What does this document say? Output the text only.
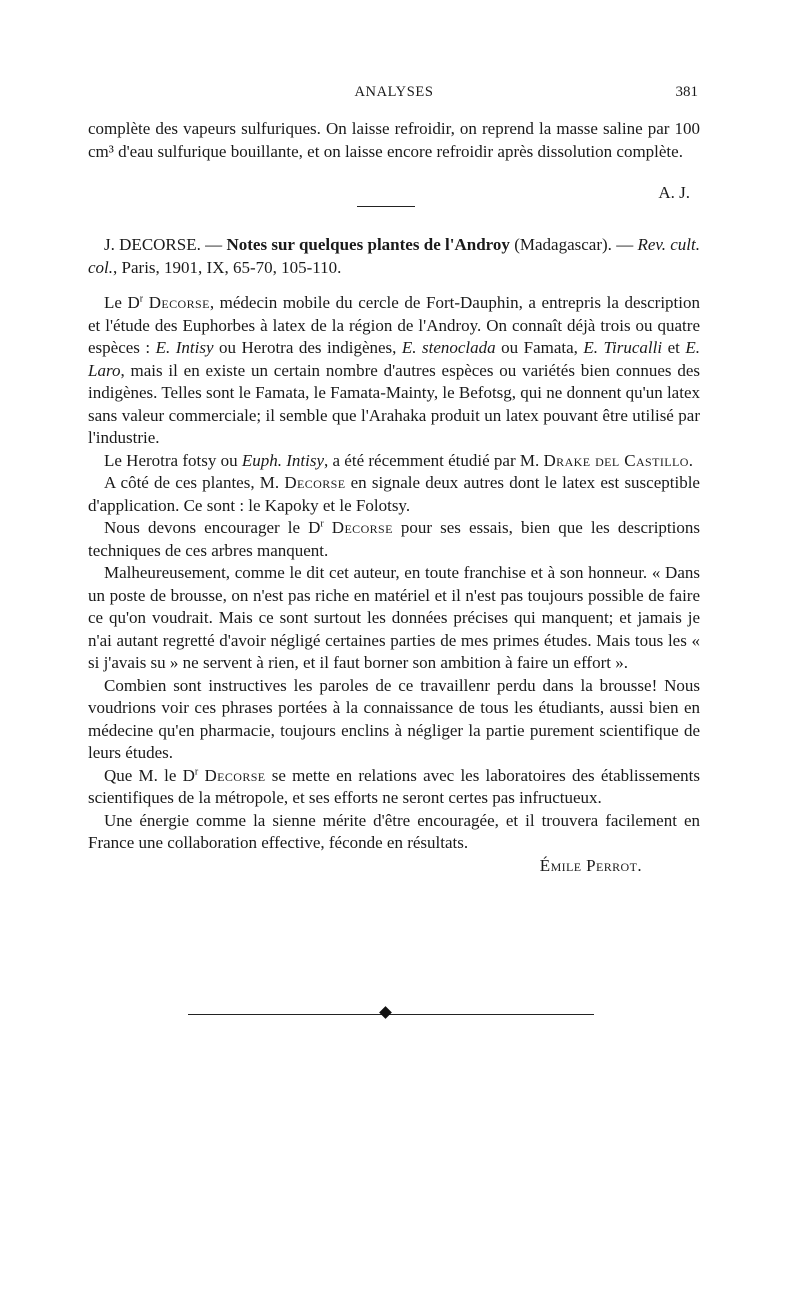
ANALYSES	381

complète des vapeurs sulfuriques. On laisse refroidir, on reprend la masse saline par 100 cm³ d'eau sulfurique bouillante, et on laisse encore refroidir après dissolution complète.

A. J.

J. DECORSE. — Notes sur quelques plantes de l'Androy (Madagascar). — Rev. cult. col., Paris, 1901, IX, 65-70, 105-110.

Le $D^r$ Decorse, médecin mobile du cercle de Fort-Dauphin, a entrepris la description et l'étude des Euphorbes à latex de la région de l'Androy. On connaît déjà trois ou quatre espèces : E. Intisy ou Herotra des indigènes, E. stenoclada ou Famata, E. Tirucalli et E. Laro, mais il en existe un certain nombre d'autres espèces ou variétés bien connues des indigènes. Telles sont le Famata, le Famata-Mainty, le Befotsg, qui ne donnent qu'un latex sans valeur commerciale; il semble que l'Arahaka produit un latex pouvant être utilisé par l'industrie.

Le Herotra fotsy ou Euph. Intisy, a été récemment étudié par M. Drake del Castillo.

A côté de ces plantes, M. Decorse en signale deux autres dont le latex est susceptible d'application. Ce sont : le Kapoky et le Folotsy.

Nous devons encourager le $D^r$ Decorse pour ses essais, bien que les descriptions techniques de ces arbres manquent.

Malheureusement, comme le dit cet auteur, en toute franchise et à son honneur. « Dans un poste de brousse, on n'est pas riche en matériel et il n'est pas toujours possible de faire ce qu'on voudrait. Mais ce sont surtout les données précises qui manquent; et jamais je n'ai autant regretté d'avoir négligé certaines parties de mes primes études. Mais tous les « si j'avais su » ne servent à rien, et il faut borner son ambition à faire un effort ».

Combien sont instructives les paroles de ce travaillenr perdu dans la brousse! Nous voudrions voir ces phrases portées à la connaissance de tous les étudiants, aussi bien en médecine qu'en pharmacie, toujours enclins à négliger la partie purement scientifique de leurs études.

Que M. le $D^r$ Decorse se mette en relations avec les laboratoires des établissements scientifiques de la métropole, et ses efforts ne seront certes pas infructueux.

Une énergie comme la sienne mérite d'être encouragée, et il trouvera facilement en France une collaboration effective, féconde en résultats.

Émile Perrot.
